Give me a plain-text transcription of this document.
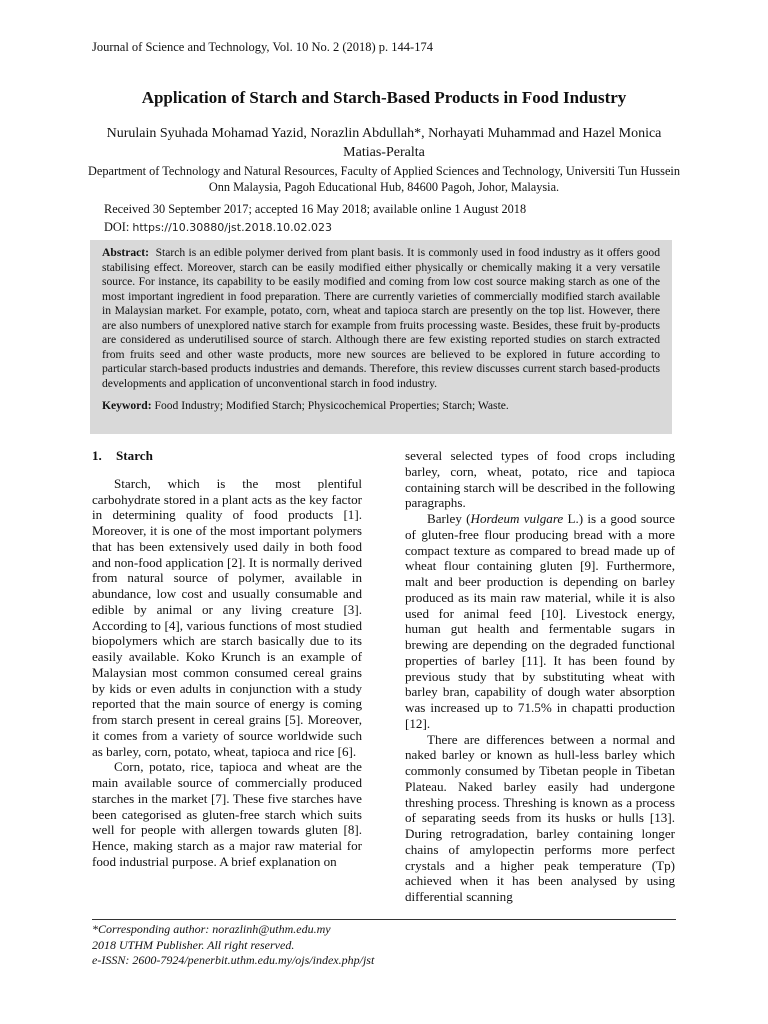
Journal of Science and Technology, Vol. 10 No. 2 (2018) p. 144-174
Application of Starch and Starch-Based Products in Food Industry
Nurulain Syuhada Mohamad Yazid, Norazlin Abdullah*, Norhayati Muhammad and Hazel Monica Matias-Peralta
Department of Technology and Natural Resources, Faculty of Applied Sciences and Technology, Universiti Tun Hussein Onn Malaysia, Pagoh Educational Hub, 84600 Pagoh, Johor, Malaysia.
Received 30 September 2017; accepted 16 May 2018; available online 1 August 2018
DOI: https://10.30880/jst.2018.10.02.023
Abstract: Starch is an edible polymer derived from plant basis. It is commonly used in food industry as it offers good stabilising effect. Moreover, starch can be easily modified either physically or chemically making it a very versatile source. For instance, its capability to be easily modified and coming from low cost source making starch as one of the most important ingredient in food preparation. There are currently varieties of commercially modified starch available in Malaysian market. For example, potato, corn, wheat and tapioca starch are presently on the top list. However, there are also numbers of unexplored native starch for example from fruits processing waste. Besides, these fruit by-products are considered as underutilised source of starch. Although there are few existing reported studies on starch extracted from fruits seed and other waste products, more new sources are believed to be explored in future according to particular starch-based products industries and demands. Therefore, this review discusses current starch based-products developments and application of unconventional starch in food industry.
Keyword: Food Industry; Modified Starch; Physicochemical Properties; Starch; Waste.
1. Starch

Starch, which is the most plentiful carbohydrate stored in a plant acts as the key factor in determining quality of food products [1]. Moreover, it is one of the most important polymers that has been extensively used daily in both food and non-food application [2]. It is normally derived from natural source of polymer, available in abundance, low cost and usually consumable and edible by animal or any living creature [3]. According to [4], various functions of most studied biopolymers which are starch basically due to its easily available. Koko Krunch is an example of Malaysian most common consumed cereal grains by kids or even adults in conjunction with a study reported that the main source of energy is coming from starch present in cereal grains [5]. Moreover, it comes from a variety of source worldwide such as barley, corn, potato, wheat, tapioca and rice [6].

Corn, potato, rice, tapioca and wheat are the main available source of commercially produced starches in the market [7]. These five starches have been categorised as gluten-free starch which suits well for people with allergen towards gluten [8]. Hence, making starch as a major raw material for food industrial purpose. A brief explanation on

several selected types of food crops including barley, corn, wheat, potato, rice and tapioca containing starch will be described in the following paragraphs.

Barley (Hordeum vulgare L.) is a good source of gluten-free flour producing bread with a more compact texture as compared to bread made up of wheat flour containing gluten [9]. Furthermore, malt and beer production is depending on barley produced as its main raw material, while it is also used for animal feed [10]. Livestock energy, human gut health and fermentable sugars in brewing are depending on the degraded functional properties of barley [11]. It has been found by previous study that by substituting wheat with barley bran, capability of dough water absorption was increased up to 71.5% in chapatti production [12].

There are differences between a normal and naked barley or known as hull-less barley which commonly consumed by Tibetan people in Tibetan Plateau. Naked barley easily had undergone threshing process. Threshing is known as a process of separating seeds from its husks or hulls [13]. During retrogradation, barley containing longer chains of amylopectin performs more perfect crystals and a higher peak temperature (Tp) achieved when it has been analysed by using differential scanning

*Corresponding author: norazlinh@uthm.edu.my
2018 UTHM Publisher. All right reserved.
e-ISSN: 2600-7924/penerbit.uthm.edu.my/ojs/index.php/jst
